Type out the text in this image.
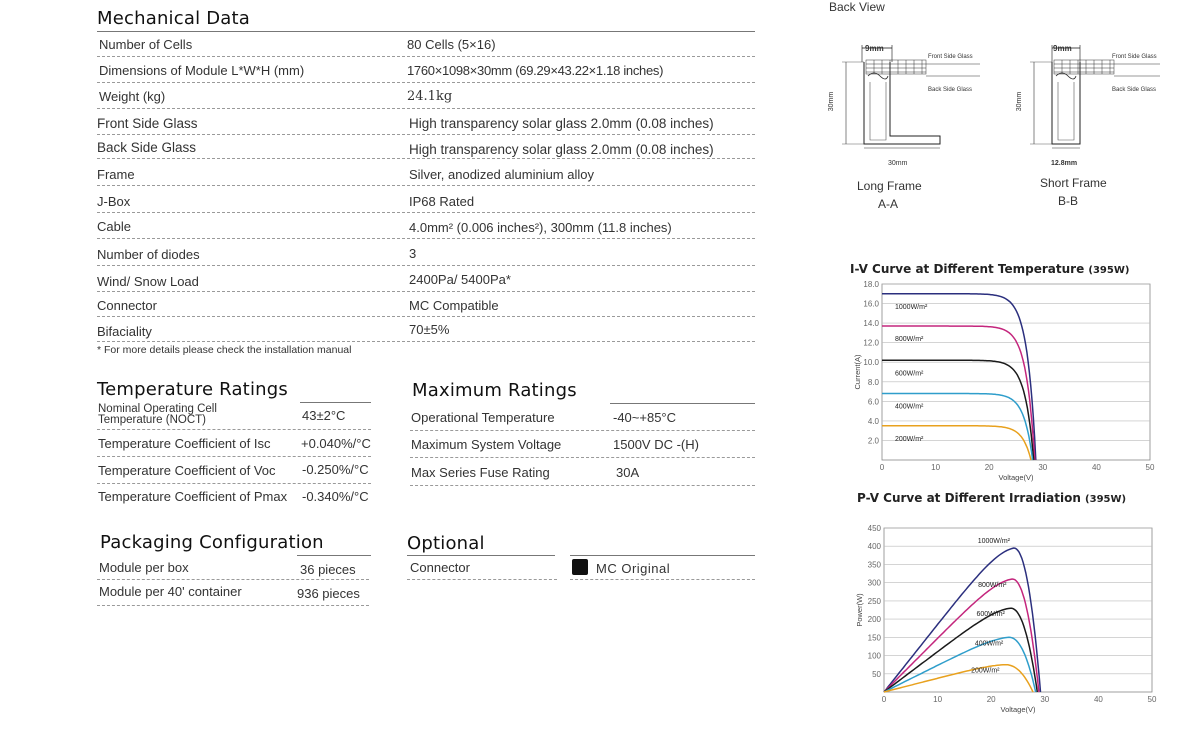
Mechanical Data
Number of Cells	80 Cells (5×16)
Dimensions of Module L*W*H (mm)	1760×1098×30mm (69.29×43.22×1.18 inches)
Weight (kg)	24.1kg
Front Side Glass	High transparency solar glass 2.0mm (0.08 inches)
Back Side Glass	High transparency solar glass 2.0mm (0.08 inches)
Frame	Silver, anodized aluminium alloy
J-Box	IP68 Rated
Cable	4.0mm² (0.006 inches²), 300mm (11.8 inches)
Number of diodes	3
Wind/ Snow Load	2400Pa/ 5400Pa*
Connector	MC Compatible
Bifaciality	70±5%
* For more details please check the installation manual
Temperature Ratings
Nominal Operating Cell Temperature (NOCT)	43±2°C
Temperature Coefficient of Isc +0.040%/°C
Temperature Coefficient of Voc -0.250%/°C
Temperature Coefficient of Pmax -0.340%/°C
Maximum Ratings
Operational Temperature	-40~+85°C
Maximum System Voltage	1500V DC -(H)
Max Series Fuse Rating	30A
Packaging Configuration
Module per box	36 pieces
Module per 40' container	936 pieces
Optional
Connector	MC Original
Back View
9mm
Front Side Glass
Back Side Glass
30mm
30mm
Long Frame
A-A
9mm
Front Side Glass
Back Side Glass
30mm
12.8mm
Short Frame
B-B
I-V Curve at Different Temperature (395W)
2.0
4.0
6.0
8.0
10.0
12.0
14.0
16.0
18.0
0	10	20	30	40	50
Voltage(V)
Current(A)
1000W/m²
800W/m²
600W/m²
400W/m²
200W/m²
P-V Curve at Different Irradiation (395W)
50
100
150
200
250
300
350
400
450
0	10	20	30	40	50
Voltage(V)
Power(W)
1000W/m²
800W/m²
600W/m²
400W/m²
200W/m²
